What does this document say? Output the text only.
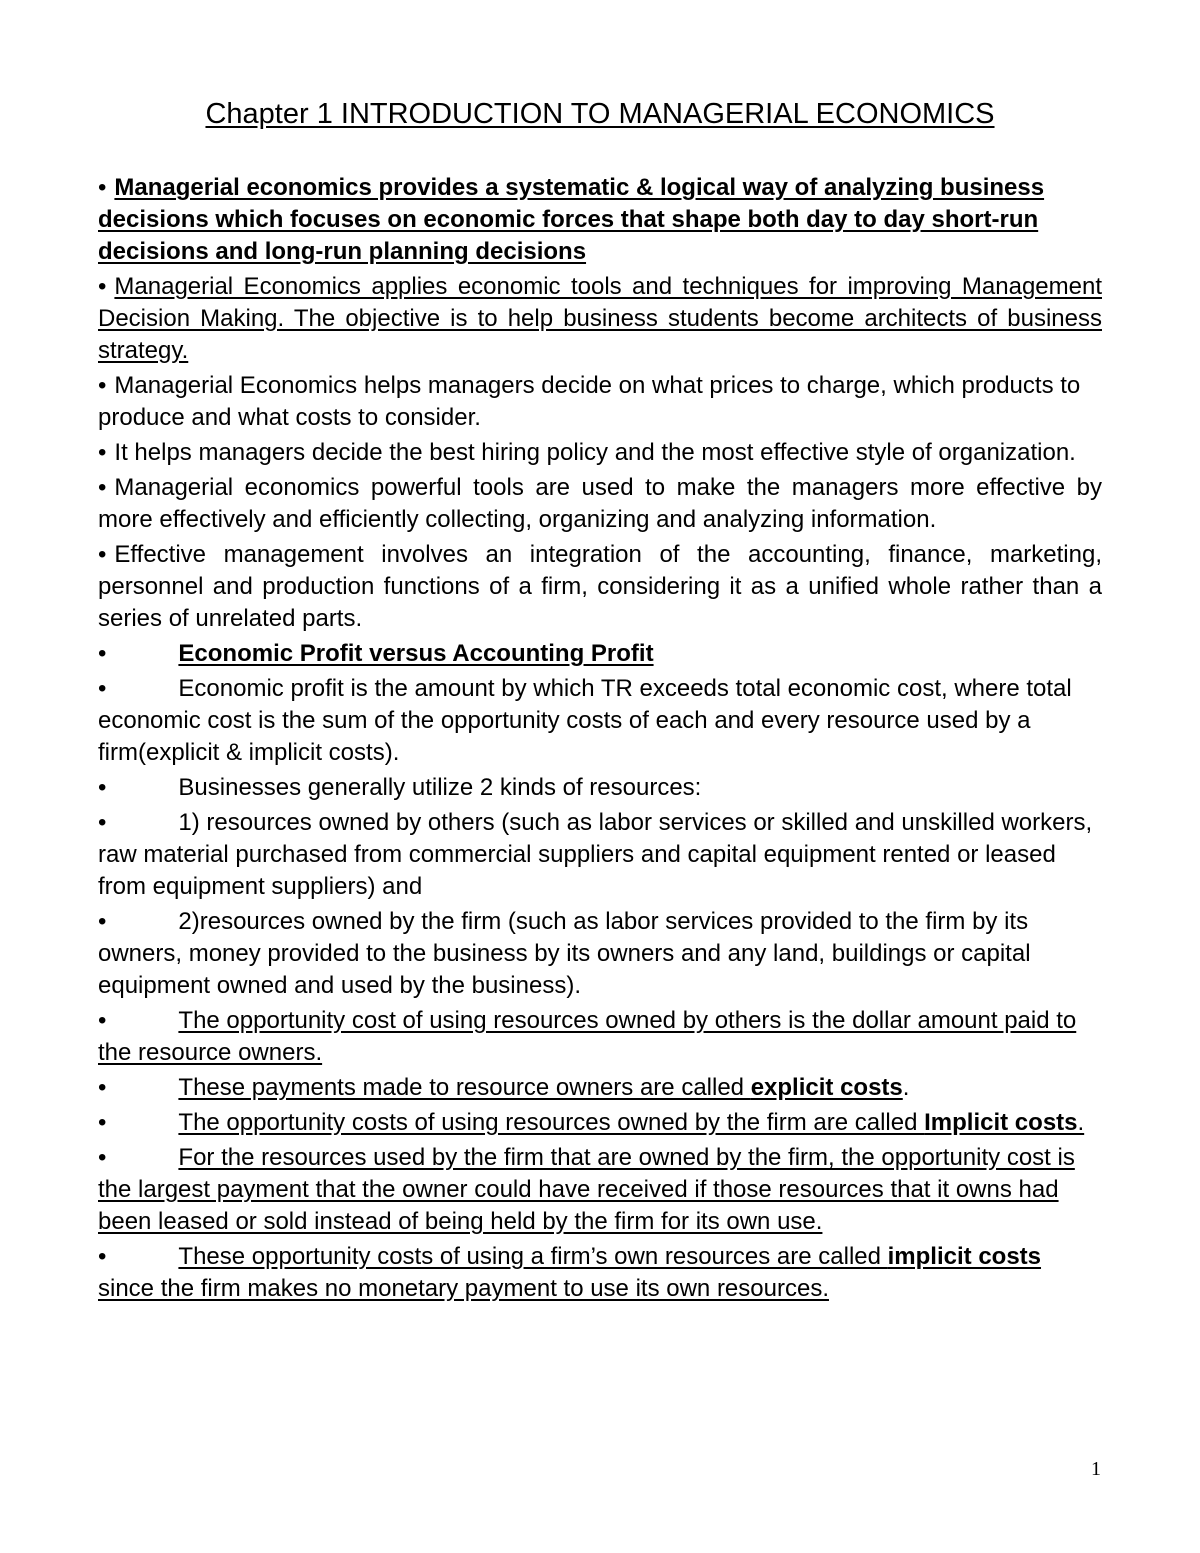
Chapter 1 INTRODUCTION TO MANAGERIAL ECONOMICS

• Managerial economics provides a systematic & logical way of analyzing business decisions which focuses on economic forces that shape both day to day short-run decisions and long-run planning decisions

• Managerial Economics applies economic tools and techniques for improving Management Decision Making. The objective is to help business students become architects of business strategy.

• Managerial Economics helps managers decide on what prices to charge, which products to produce and what costs to consider.

• It helps managers decide the best hiring policy and the most effective style of organization.

• Managerial economics powerful tools are used to make the managers more effective by more effectively and efficiently collecting, organizing and analyzing information.

• Effective management involves an integration of the accounting, finance, marketing, personnel and production functions of a firm, considering it as a unified whole rather than a series of unrelated parts.

•	Economic Profit versus Accounting Profit

•	Economic profit is the amount by which TR exceeds total economic cost, where total economic cost is the sum of the opportunity costs of each and every resource used by a firm(explicit & implicit costs).

•	Businesses generally utilize 2 kinds of resources:

•	1) resources owned by others (such as labor services or skilled and unskilled workers, raw material purchased from commercial suppliers and capital equipment rented or leased from equipment suppliers) and

•	2)resources owned by the firm (such as labor services provided to the firm by its owners, money provided to the business by its owners and any land, buildings or capital equipment owned and used by the business).

•	The opportunity cost of using resources owned by others is the dollar amount paid to the resource owners.

•	These payments made to resource owners are called explicit costs.

•	The opportunity costs of using resources owned by the firm are called Implicit costs.

•	For the resources used by the firm that are owned by the firm, the opportunity cost is the largest payment that the owner could have received if those resources that it owns had been leased or sold instead of being held by the firm for its own use.

•	These opportunity costs of using a firm’s own resources are called implicit costs since the firm makes no monetary payment to use its own resources.

1
